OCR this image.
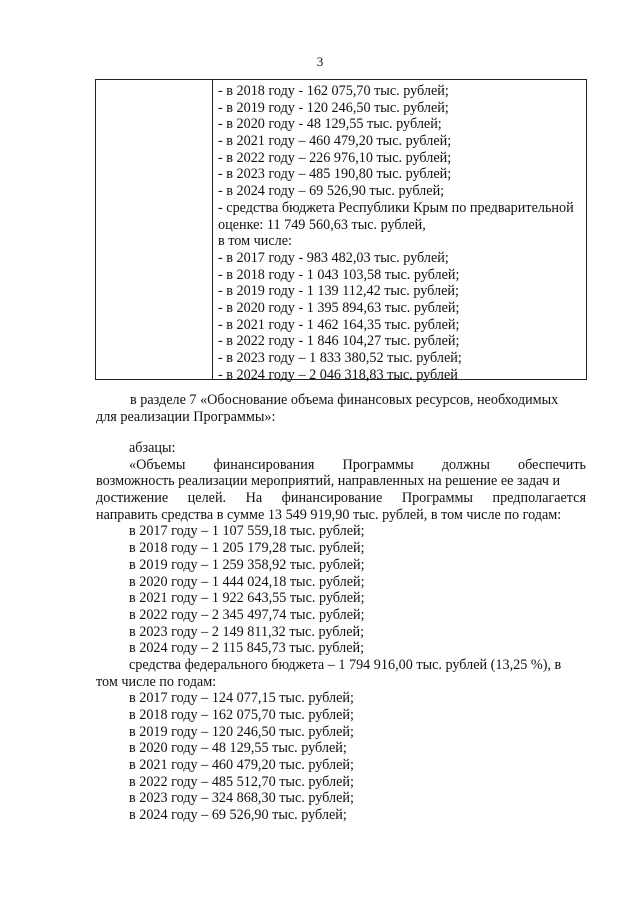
3
- в 2018 году - 162 075,70 тыс. рублей;
- в 2019 году - 120 246,50 тыс. рублей;
- в 2020 году - 48 129,55 тыс. рублей;
- в 2021 году – 460 479,20 тыс. рублей;
- в 2022 году – 226 976,10 тыс. рублей;
- в 2023 году – 485 190,80 тыс. рублей;
- в 2024 году – 69 526,90 тыс. рублей;
- средства бюджета Республики Крым по предварительной
оценке: 11 749 560,63 тыс. рублей,
в том числе:
- в 2017 году - 983 482,03 тыс. рублей;
- в 2018 году - 1 043 103,58 тыс. рублей;
- в 2019 году - 1 139 112,42 тыс. рублей;
- в 2020 году - 1 395 894,63 тыс. рублей;
- в 2021 году - 1 462 164,35 тыс. рублей;
- в 2022 году - 1 846 104,27 тыс. рублей;
- в 2023 году – 1 833 380,52 тыс. рублей;
- в 2024 году – 2 046 318,83 тыс. рублей
в разделе 7 «Обоснование объема финансовых ресурсов, необходимых
для реализации Программы»:
абзацы:
«Объемы финансирования Программы должны обеспечить
возможность реализации мероприятий, направленных на решение ее задач и
достижение целей. На финансирование Программы предполагается
направить средства в сумме 13 549 919,90 тыс. рублей, в том числе по годам:
в 2017 году – 1 107 559,18 тыс. рублей;
в 2018 году – 1 205 179,28 тыс. рублей;
в 2019 году – 1 259 358,92 тыс. рублей;
в 2020 году – 1 444 024,18 тыс. рублей;
в 2021 году – 1 922 643,55 тыс. рублей;
в 2022 году – 2 345 497,74 тыс. рублей;
в 2023 году – 2 149 811,32 тыс. рублей;
в 2024 году – 2 115 845,73 тыс. рублей;
средства федерального бюджета – 1 794 916,00 тыс. рублей (13,25 %), в
том числе по годам:
в 2017 году – 124 077,15 тыс. рублей;
в 2018 году – 162 075,70 тыс. рублей;
в 2019 году – 120 246,50 тыс. рублей;
в 2020 году – 48 129,55 тыс. рублей;
в 2021 году – 460 479,20 тыс. рублей;
в 2022 году – 485 512,70 тыс. рублей;
в 2023 году – 324 868,30 тыс. рублей;
в 2024 году – 69 526,90 тыс. рублей;
